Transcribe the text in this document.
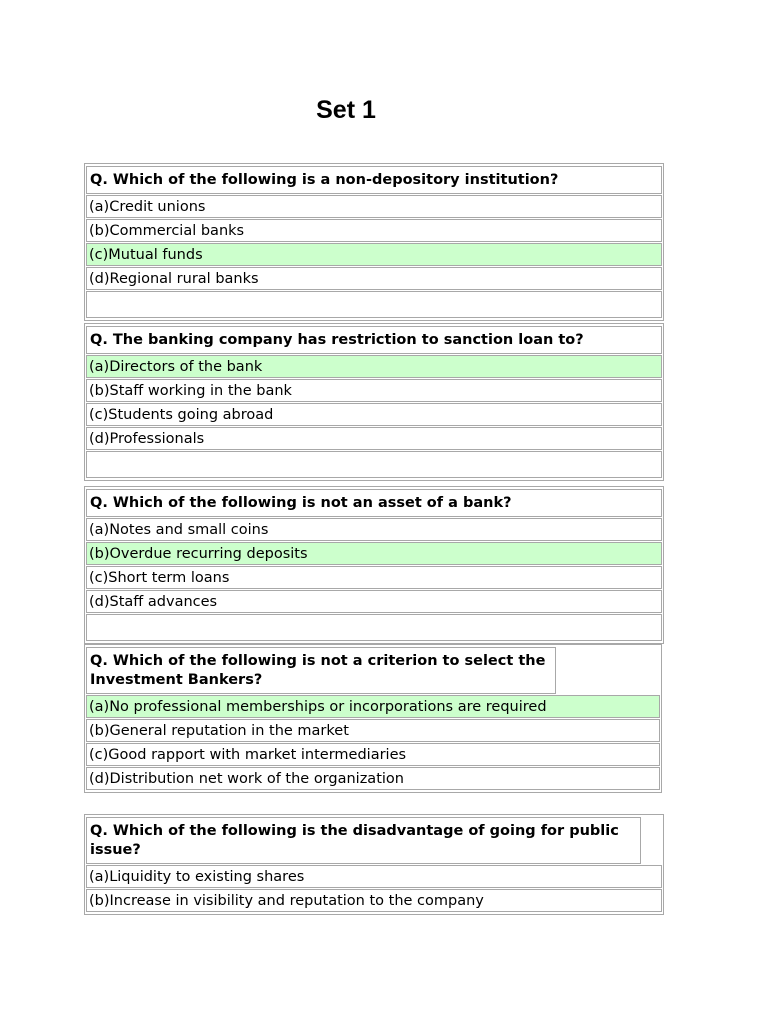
Set 1
Q. Which of the following is a non-depository institution?
(a)Credit unions
(b)Commercial banks
(c)Mutual funds
(d)Regional rural banks
Q. The banking company has restriction to sanction loan to?
(a)Directors of the bank
(b)Staff working in the bank
(c)Students going abroad
(d)Professionals
Q. Which of the following is not an asset of a bank?
(a)Notes and small coins
(b)Overdue recurring deposits
(c)Short term loans
(d)Staff advances
Q. Which of the following is not a criterion to select the Investment Bankers?
(a)No professional memberships or incorporations are required
(b)General reputation in the market
(c)Good rapport with market intermediaries
(d)Distribution net work of the organization
Q. Which of the following is the disadvantage of going for public issue?
(a)Liquidity to existing shares
(b)Increase in visibility and reputation to the company
